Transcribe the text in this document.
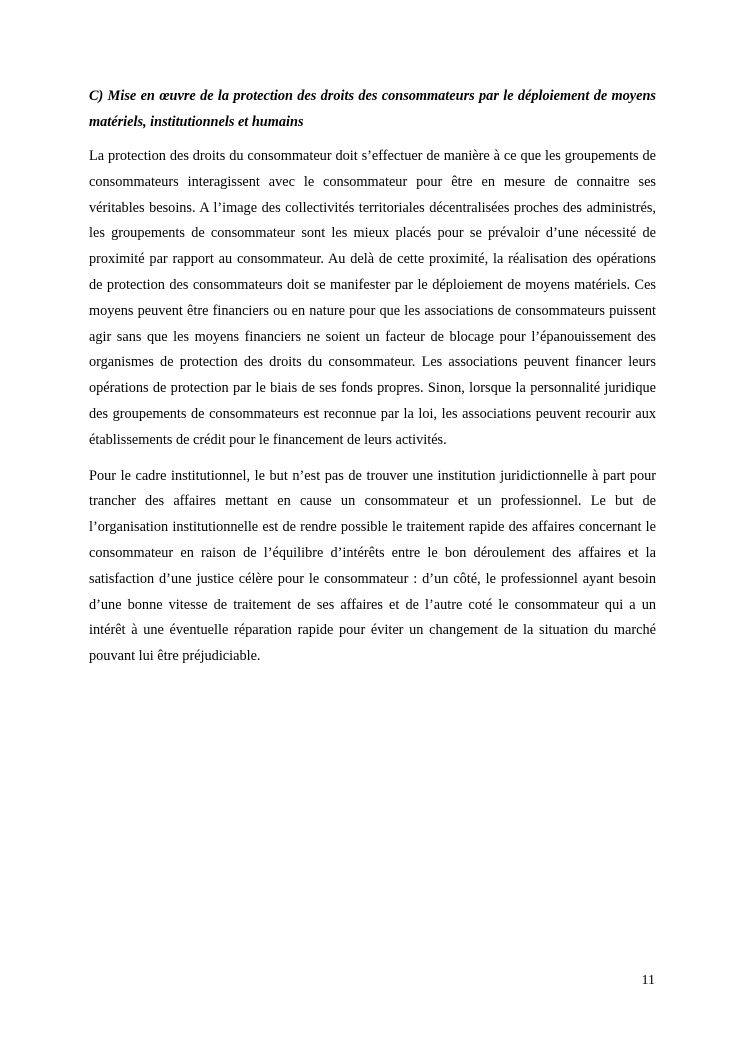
C) Mise en œuvre de la protection des droits des consommateurs par le déploiement de moyens matériels, institutionnels et humains

La protection des droits du consommateur doit s’effectuer de manière à ce que les groupements de consommateurs interagissent avec le consommateur pour être en mesure de connaitre ses véritables besoins. A l’image des collectivités territoriales décentralisées proches des administrés, les groupements de consommateur sont les mieux placés pour se prévaloir d’une nécessité de proximité par rapport au consommateur. Au delà de cette proximité, la réalisation des opérations de protection des consommateurs doit se manifester par le déploiement de moyens matériels. Ces moyens peuvent être financiers ou en nature pour que les associations de consommateurs puissent agir sans que les moyens financiers ne soient un facteur de blocage pour l’épanouissement des organismes de protection des droits du consommateur. Les associations peuvent financer leurs opérations de protection par le biais de ses fonds propres. Sinon, lorsque la personnalité juridique des groupements de consommateurs est reconnue par la loi, les associations peuvent recourir aux établissements de crédit pour le financement de leurs activités.

Pour le cadre institutionnel, le but n’est pas de trouver une institution juridictionnelle à part pour trancher des affaires mettant en cause un consommateur et un professionnel. Le but de l’organisation institutionnelle est de rendre possible le traitement rapide des affaires concernant le consommateur en raison de l’équilibre d’intérêts entre le bon déroulement des affaires et la satisfaction d’une justice célère pour le consommateur : d’un côté, le professionnel ayant besoin d’une bonne vitesse de traitement de ses affaires et de l’autre coté le consommateur qui a un intérêt à une éventuelle réparation rapide pour éviter un changement de la situation du marché pouvant lui être préjudiciable.

11
